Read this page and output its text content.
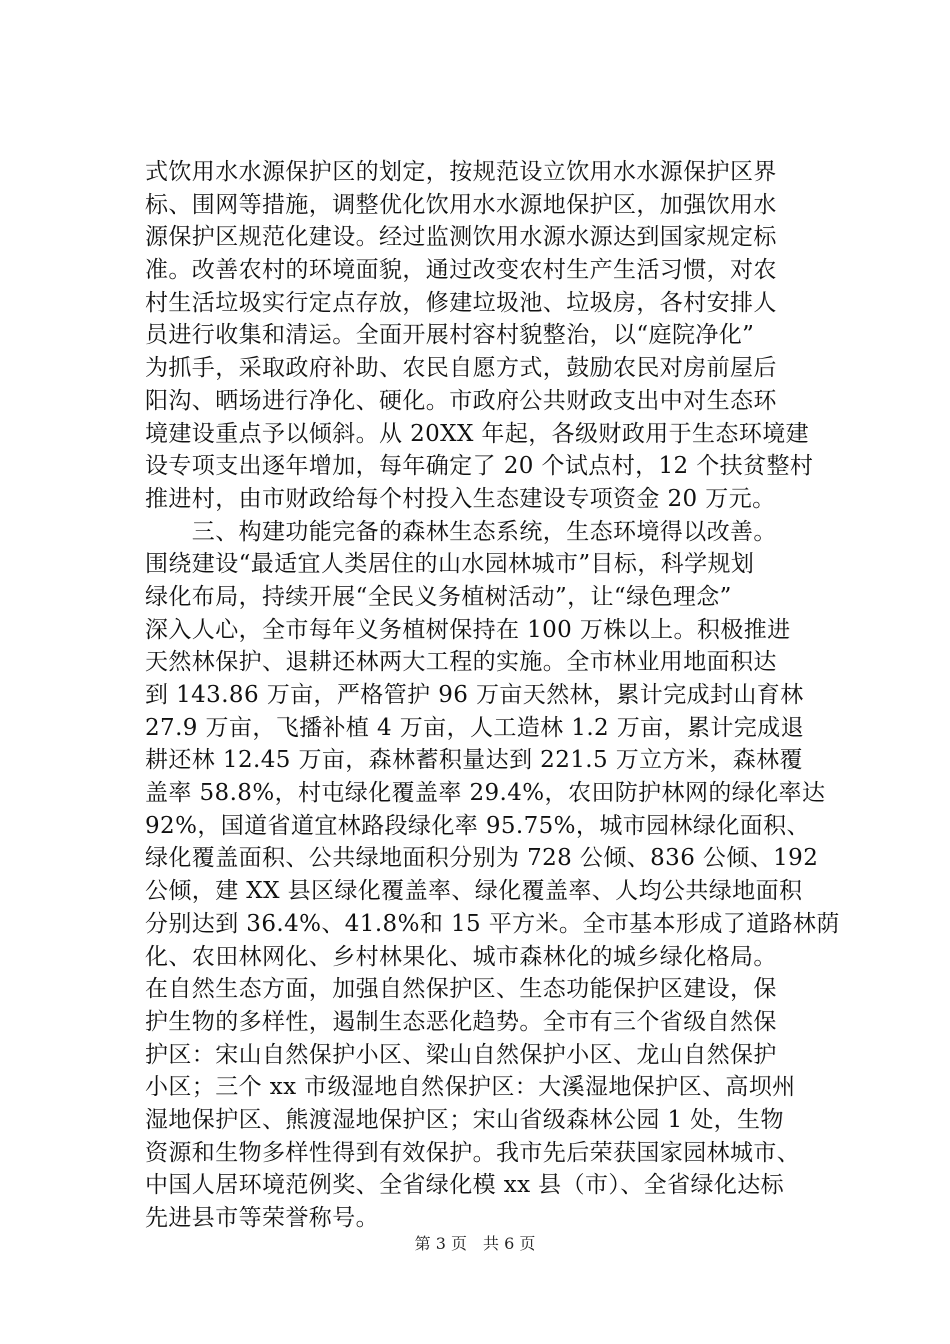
式饮用水水源保护区的划定，按规范设立饮用水水源保护区界
标、围网等措施，调整优化饮用水水源地保护区，加强饮用水
源保护区规范化建设。经过监测饮用水源水源达到国家规定标
准。改善农村的环境面貌，通过改变农村生产生活习惯，对农
村生活垃圾实行定点存放，修建垃圾池、垃圾房，各村安排人
员进行收集和清运。全面开展村容村貌整治，以“庭院净化”
为抓手，采取政府补助、农民自愿方式，鼓励农民对房前屋后
阳沟、晒场进行净化、硬化。市政府公共财政支出中对生态环
境建设重点予以倾斜。从 20XX 年起，各级财政用于生态环境建
设专项支出逐年增加，每年确定了 20 个试点村，12 个扶贫整村
推进村，由市财政给每个村投入生态建设专项资金 20 万元。
　　三、构建功能完备的森林生态系统，生态环境得以改善。
围绕建设“最适宜人类居住的山水园林城市”目标，科学规划
绿化布局，持续开展“全民义务植树活动”，让“绿色理念”
深入人心，全市每年义务植树保持在 100 万株以上。积极推进
天然林保护、退耕还林两大工程的实施。全市林业用地面积达
到 143.86 万亩，严格管护 96 万亩天然林，累计完成封山育林
27.9 万亩，飞播补植 4 万亩，人工造林 1.2 万亩，累计完成退
耕还林 12.45 万亩，森林蓄积量达到 221.5 万立方米，森林覆
盖率 58.8%，村屯绿化覆盖率 29.4%，农田防护林网的绿化率达
92%，国道省道宜林路段绿化率 95.75%，城市园林绿化面积、
绿化覆盖面积、公共绿地面积分别为 728 公倾、836 公倾、192
公倾，建 XX 县区绿化覆盖率、绿化覆盖率、人均公共绿地面积
分别达到 36.4%、41.8%和 15 平方米。全市基本形成了道路林荫
化、农田林网化、乡村林果化、城市森林化的城乡绿化格局。
在自然生态方面，加强自然保护区、生态功能保护区建设，保
护生物的多样性，遏制生态恶化趋势。全市有三个省级自然保
护区：宋山自然保护小区、梁山自然保护小区、龙山自然保护
小区；三个 xx 市级湿地自然保护区：大溪湿地保护区、高坝州
湿地保护区、熊渡湿地保护区；宋山省级森林公园 1 处，生物
资源和生物多样性得到有效保护。我市先后荣获国家园林城市、
中国人居环境范例奖、全省绿化模 xx 县（市）、全省绿化达标
先进县市等荣誉称号。
第 3 页　共 6 页
